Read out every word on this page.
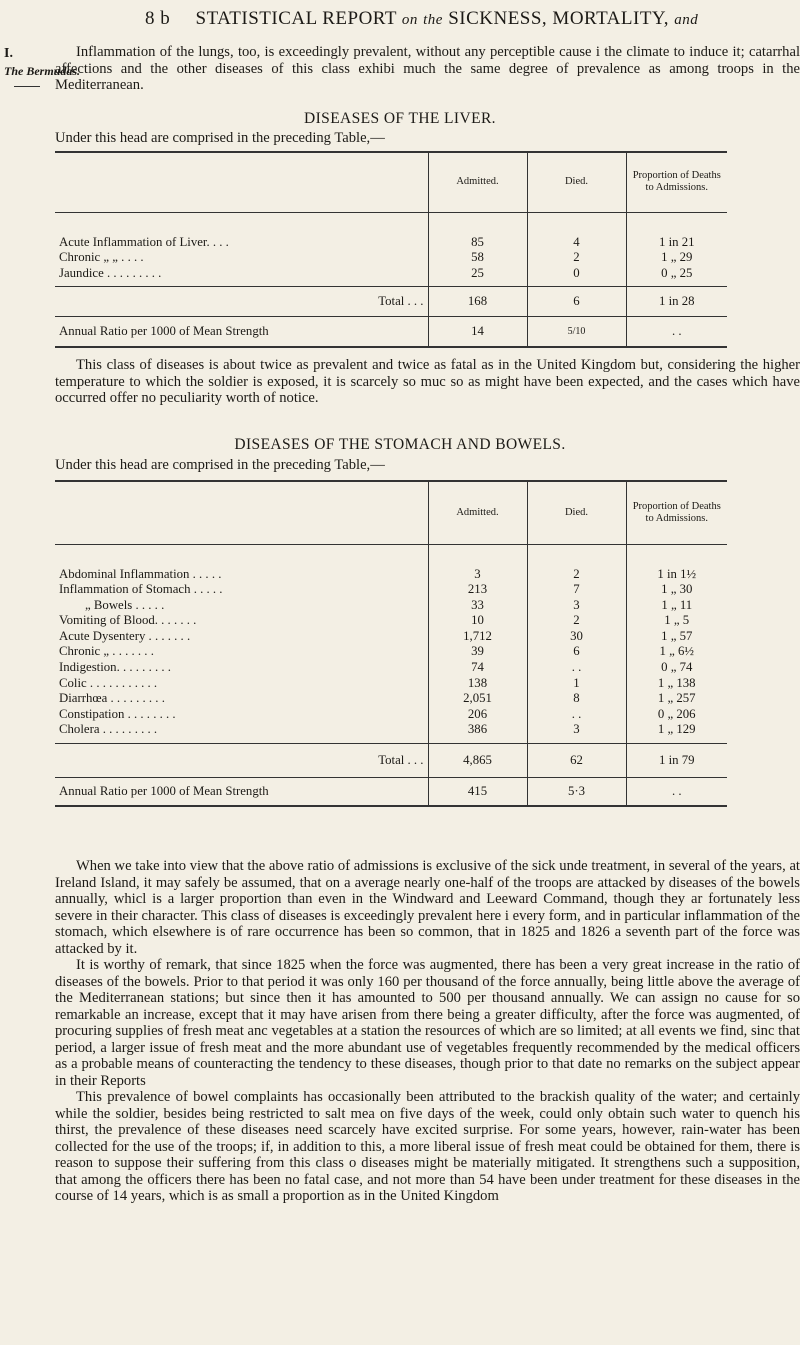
8 b STATISTICAL REPORT on the SICKNESS, MORTALITY, and
I.
The Bermudas.

Inflammation of the lungs, too, is exceedingly prevalent, without any perceptible cause i the climate to induce it; catarrhal affections and the other diseases of this class exhibi much the same degree of prevalence as among troops in the Mediterranean.

DISEASES OF THE LIVER.
Under this head are comprised in the preceding Table,—
	Admitted.	Died.	Proportion of Deaths to Admissions.
Acute Inflammation of Liver. . . .	85	4	1 in 21
Chronic „ „ . . . .	58	2	1 „ 29
Jaundice . . . . . . . . .	25	0	0 „ 25
Total . . .	168	6	1 in 28
Annual Ratio per 1000 of Mean Strength	14	5/10	. .

This class of diseases is about twice as prevalent and twice as fatal as in the United Kingdom but, considering the higher temperature to which the soldier is exposed, it is scarcely so muc so as might have been expected, and the cases which have occurred offer no peculiarity worth of notice.

DISEASES OF THE STOMACH AND BOWELS.
Under this head are comprised in the preceding Table,—
	Admitted.	Died.	Proportion of Deaths to Admissions.
Abdominal Inflammation . . . . .	3	2	1 in 1½
Inflammation of Stomach . . . . .	213	7	1 „ 30
„ Bowels . . . . .	33	3	1 „ 11
Vomiting of Blood. . . . . . .	10	2	1 „ 5
Acute Dysentery . . . . . . .	1,712	30	1 „ 57
Chronic „ . . . . . . .	39	6	1 „ 6½
Indigestion. . . . . . . . .	74	. .	0 „ 74
Colic . . . . . . . . . . .	138	1	1 „ 138
Diarrhœa . . . . . . . . .	2,051	8	1 „ 257
Constipation . . . . . . . .	206	. .	0 „ 206
Cholera . . . . . . . . .	386	3	1 „ 129
Total . . .	4,865	62	1 in 79
Annual Ratio per 1000 of Mean Strength	415	5·3	. .

When we take into view that the above ratio of admissions is exclusive of the sick unde treatment, in several of the years, at Ireland Island, it may safely be assumed, that on a average nearly one-half of the troops are attacked by diseases of the bowels annually, whicl is a larger proportion than even in the Windward and Leeward Command, though they ar fortunately less severe in their character. This class of diseases is exceedingly prevalent here i every form, and in particular inflammation of the stomach, which elsewhere is of rare occurrence has been so common, that in 1825 and 1826 a seventh part of the force was attacked by it.

It is worthy of remark, that since 1825 when the force was augmented, there has been a very great increase in the ratio of diseases of the bowels. Prior to that period it was only 160 per thousand of the force annually, being little above the average of the Mediterranean stations; but since then it has amounted to 500 per thousand annually. We can assign no cause for so remarkable an increase, except that it may have arisen from there being a greater difficulty, after the force was augmented, of procuring supplies of fresh meat anc vegetables at a station the resources of which are so limited; at all events we find, sinc that period, a larger issue of fresh meat and the more abundant use of vegetables frequently recommended by the medical officers as a probable means of counteracting the tendency to these diseases, though prior to that date no remarks on the subject appear in their Reports

This prevalence of bowel complaints has occasionally been attributed to the brackish quality of the water; and certainly while the soldier, besides being restricted to salt mea on five days of the week, could only obtain such water to quench his thirst, the prevalence of these diseases need scarcely have excited surprise. For some years, however, rain-water has been collected for the use of the troops; if, in addition to this, a more liberal issue of fresh meat could be obtained for them, there is reason to suppose their suffering from this class o diseases might be materially mitigated. It strengthens such a supposition, that among the officers there has been no fatal case, and not more than 54 have been under treatment for these diseases in the course of 14 years, which is as small a proportion as in the United Kingdom
